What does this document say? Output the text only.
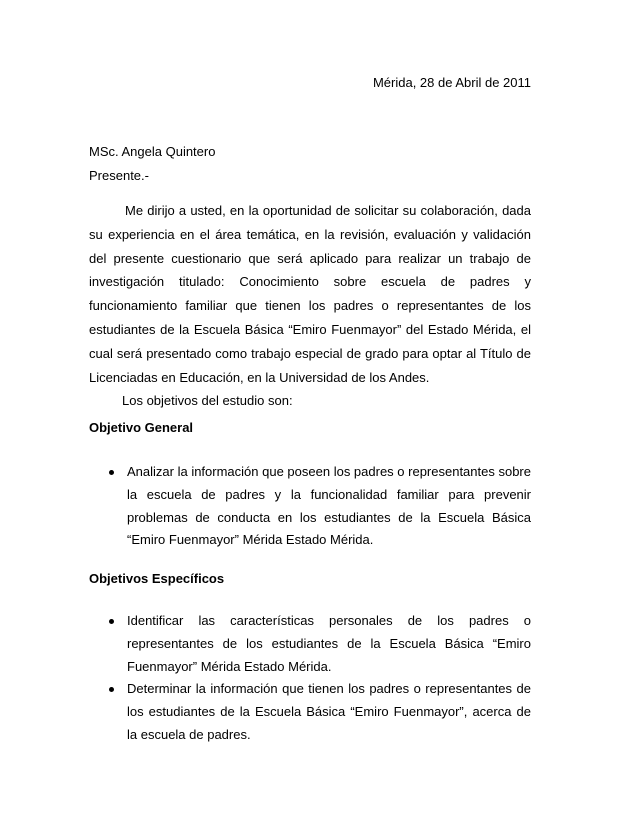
Mérida, 28 de Abril de 2011
MSc. Angela Quintero
Presente.-

Me dirijo a usted, en la oportunidad de solicitar su colaboración, dada su experiencia en el área temática, en la revisión, evaluación y validación del presente cuestionario que será aplicado para realizar un trabajo de investigación titulado: Conocimiento sobre escuela de padres y funcionamiento familiar que tienen los padres o representantes de los estudiantes de la Escuela Básica “Emiro Fuenmayor” del Estado Mérida, el cual será presentado como trabajo especial de grado para optar al Título de Licenciadas en Educación, en la Universidad de los Andes.

Los objetivos del estudio son:

Objetivo General
Analizar la información que poseen los padres o representantes sobre la escuela de padres y la funcionalidad familiar para prevenir problemas de conducta en los estudiantes de la Escuela Básica “Emiro Fuenmayor” Mérida Estado Mérida.
Objetivos Específicos
Identificar las características personales de los padres o representantes de los estudiantes de la Escuela Básica “Emiro Fuenmayor” Mérida Estado Mérida.
Determinar la información que tienen los padres o representantes de los estudiantes de la Escuela Básica “Emiro Fuenmayor”, acerca de la escuela de padres.
